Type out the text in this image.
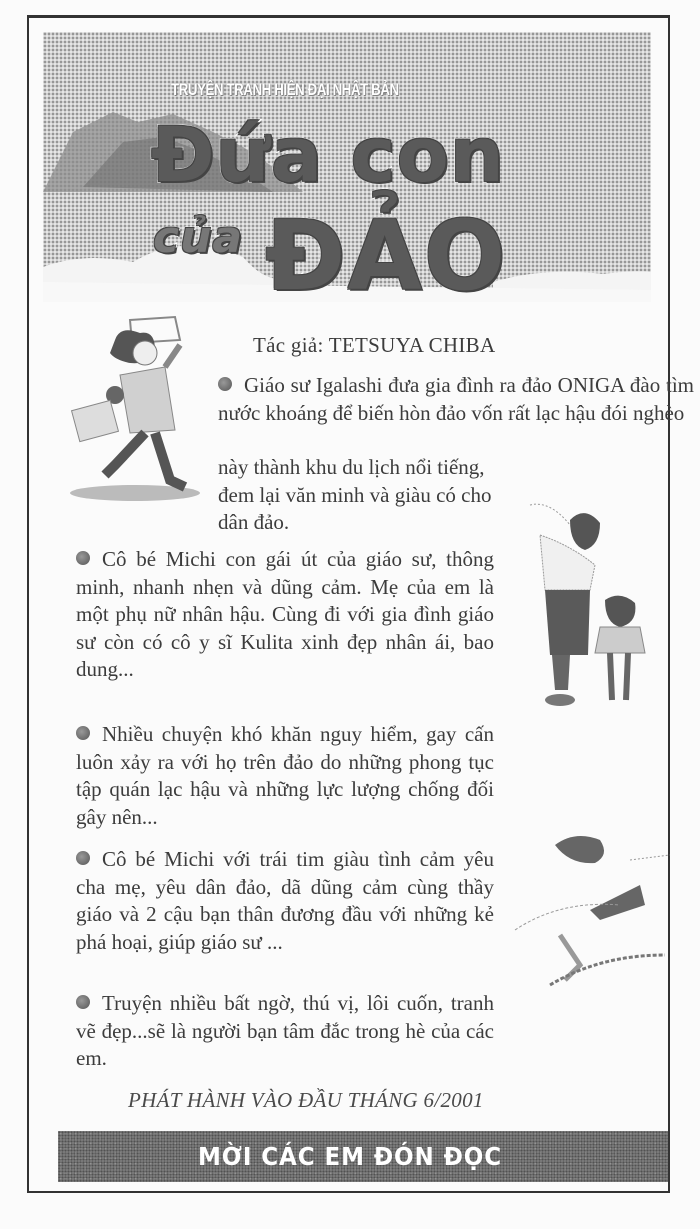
TRUYỆN TRANH HIỆN ĐẠI NHẬT BẢN
Đứa con
của ĐẢO
Tác giả: TETSUYA CHIBA

Giáo sư Igalashi đưa gia đình ra đảo ONIGA đào tìm nước khoáng để biến hòn đảo vốn rất lạc hậu đói nghèo

này thành khu du lịch nổi tiếng, đem lại văn minh và giàu có cho dân đảo.

Cô bé Michi con gái út của giáo sư, thông minh, nhanh nhẹn và dũng cảm. Mẹ của em là một phụ nữ nhân hậu. Cùng đi với gia đình giáo sư còn có cô y sĩ Kulita xinh đẹp nhân ái, bao dung...

Nhiều chuyện khó khăn nguy hiểm, gay cấn luôn xảy ra với họ trên đảo do những phong tục tập quán lạc hậu và những lực lượng chống đối gây nên...

Cô bé Michi với trái tim giàu tình cảm yêu cha mẹ, yêu dân đảo, dã dũng cảm cùng thầy giáo và 2 cậu bạn thân đương đầu với những kẻ phá hoại, giúp giáo sư ...

Truyện nhiều bất ngờ, thú vị, lôi cuốn, tranh vẽ đẹp...sẽ là người bạn tâm đắc trong hè của các em.

PHÁT HÀNH VÀO ĐẦU THÁNG 6/2001
MỜI CÁC EM ĐÓN ĐỌC
